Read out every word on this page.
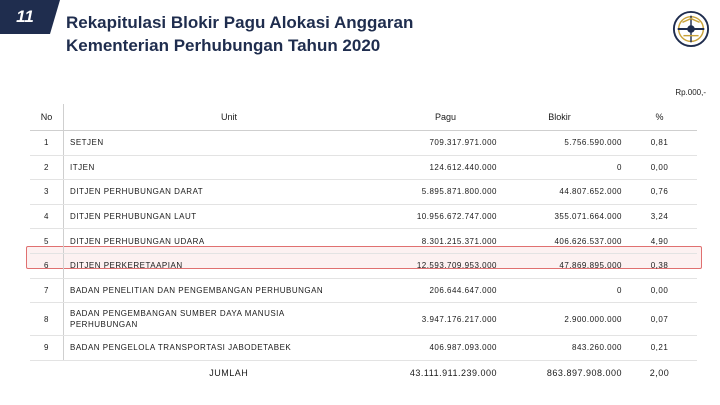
11	Rekapitulasi Blokir Pagu Alokasi Anggaran
Kementerian Perhubungan Tahun 2020
Rp.000,-
No	Unit	Pagu	Blokir	%
1	SETJEN	709.317.971.000	5.756.590.000	0,81
2	ITJEN	124.612.440.000	0	0,00
3	DITJEN PERHUBUNGAN DARAT	5.895.871.800.000	44.807.652.000	0,76
4	DITJEN PERHUBUNGAN LAUT	10.956.672.747.000	355.071.664.000	3,24
5	DITJEN PERHUBUNGAN UDARA	8.301.215.371.000	406.626.537.000	4,90
6	DITJEN PERKERETAAPIAN	12.593.709.953.000	47.869.895.000	0,38
7	BADAN PENELITIAN DAN PENGEMBANGAN PERHUBUNGAN	206.644.647.000	0	0,00
8	BADAN PENGEMBANGAN SUMBER DAYA MANUSIA PERHUBUNGAN	3.947.176.217.000	2.900.000.000	0,07
9	BADAN PENGELOLA TRANSPORTASI JABODETABEK	406.987.093.000	843.260.000	0,21
	JUMLAH	43.111.911.239.000	863.897.908.000	2,00
